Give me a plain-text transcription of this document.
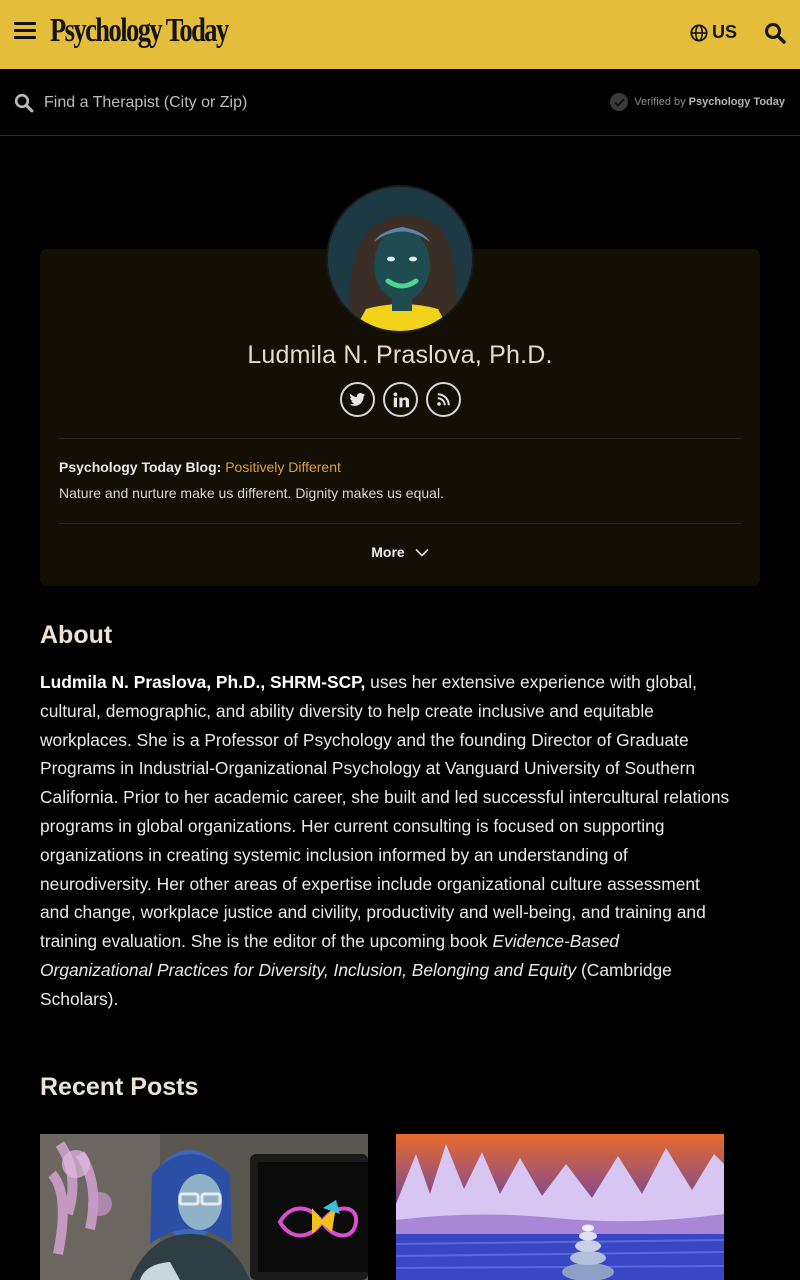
Psychology Today	US
Find a Therapist (City or Zip)
Verified by Psychology Today
Ludmila N. Praslova, Ph.D.

Psychology Today Blog: Positively Different

Nature and nurture make us different. Dignity makes us equal.

More
About

Ludmila N. Praslova, Ph.D., SHRM-SCP, uses her extensive experience with global, cultural, demographic, and ability diversity to help create inclusive and equitable workplaces. She is a Professor of Psychology and the founding Director of Graduate Programs in Industrial-Organizational Psychology at Vanguard University of Southern California. Prior to her academic career, she built and led successful intercultural relations programs in global organizations. Her current consulting is focused on supporting organizations in creating systemic inclusion informed by an understanding of neurodiversity. Her other areas of expertise include organizational culture assessment and change, workplace justice and civility, productivity and well-being, and training and training evaluation. She is the editor of the upcoming book Evidence-Based Organizational Practices for Diversity, Inclusion, Belonging and Equity (Cambridge Scholars).

Recent Posts
